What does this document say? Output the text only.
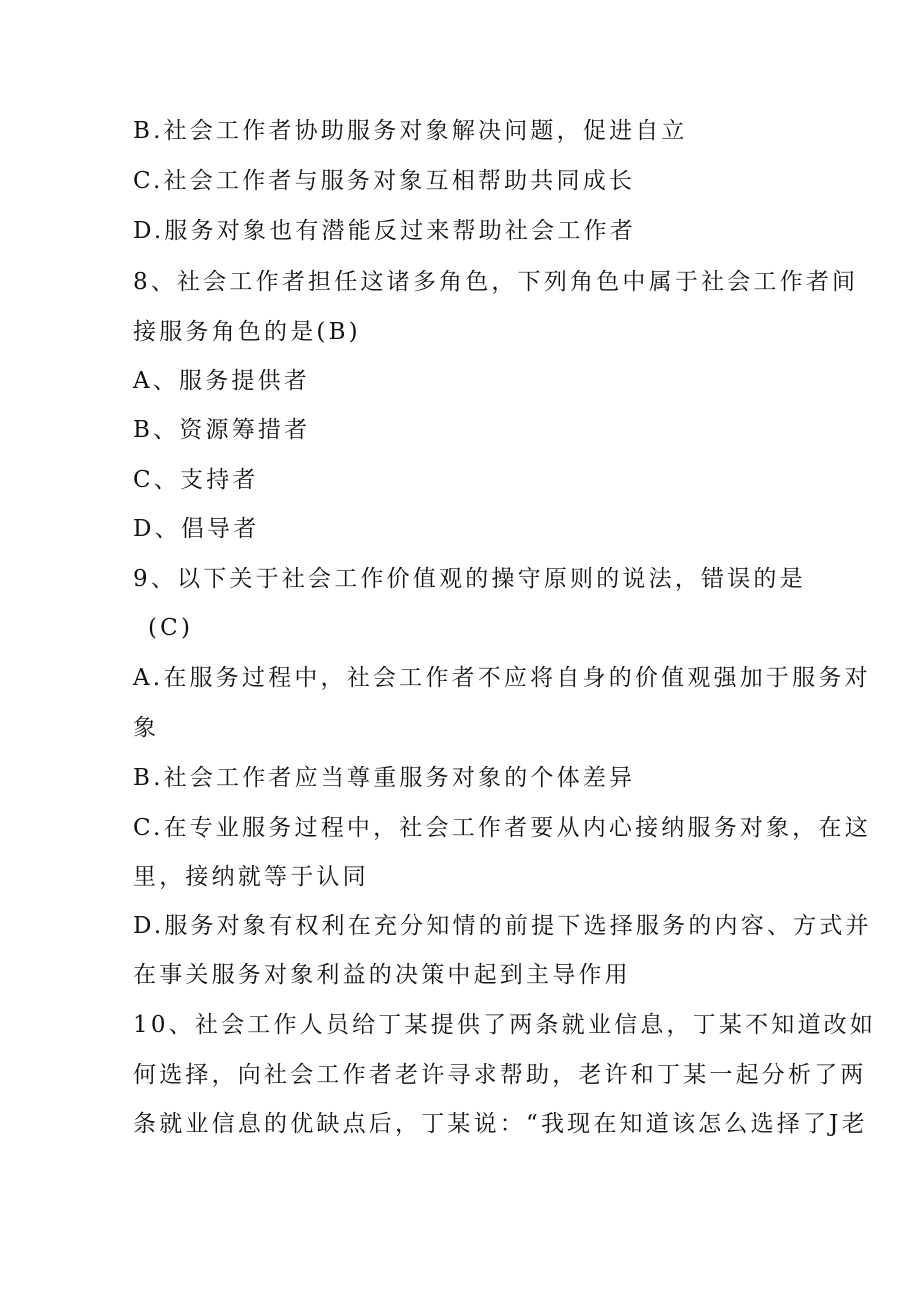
B.社会工作者协助服务对象解决问题，促进自立
C.社会工作者与服务对象互相帮助共同成长
D.服务对象也有潜能反过来帮助社会工作者
8、社会工作者担任这诸多角色，下列角色中属于社会工作者间
接服务角色的是(B)
A、服务提供者
B、资源筹措者
C、支持者
D、倡导者
9、以下关于社会工作价值观的操守原则的说法，错误的是
(C)
A.在服务过程中，社会工作者不应将自身的价值观强加于服务对
象
B.社会工作者应当尊重服务对象的个体差异
C.在专业服务过程中，社会工作者要从内心接纳服务对象，在这
里，接纳就等于认同
D.服务对象有权利在充分知情的前提下选择服务的内容、方式并
在事关服务对象利益的决策中起到主导作用
10、社会工作人员给丁某提供了两条就业信息，丁某不知道改如
何选择，向社会工作者老许寻求帮助，老许和丁某一起分析了两
条就业信息的优缺点后，丁某说：“我现在知道该怎么选择了J老
